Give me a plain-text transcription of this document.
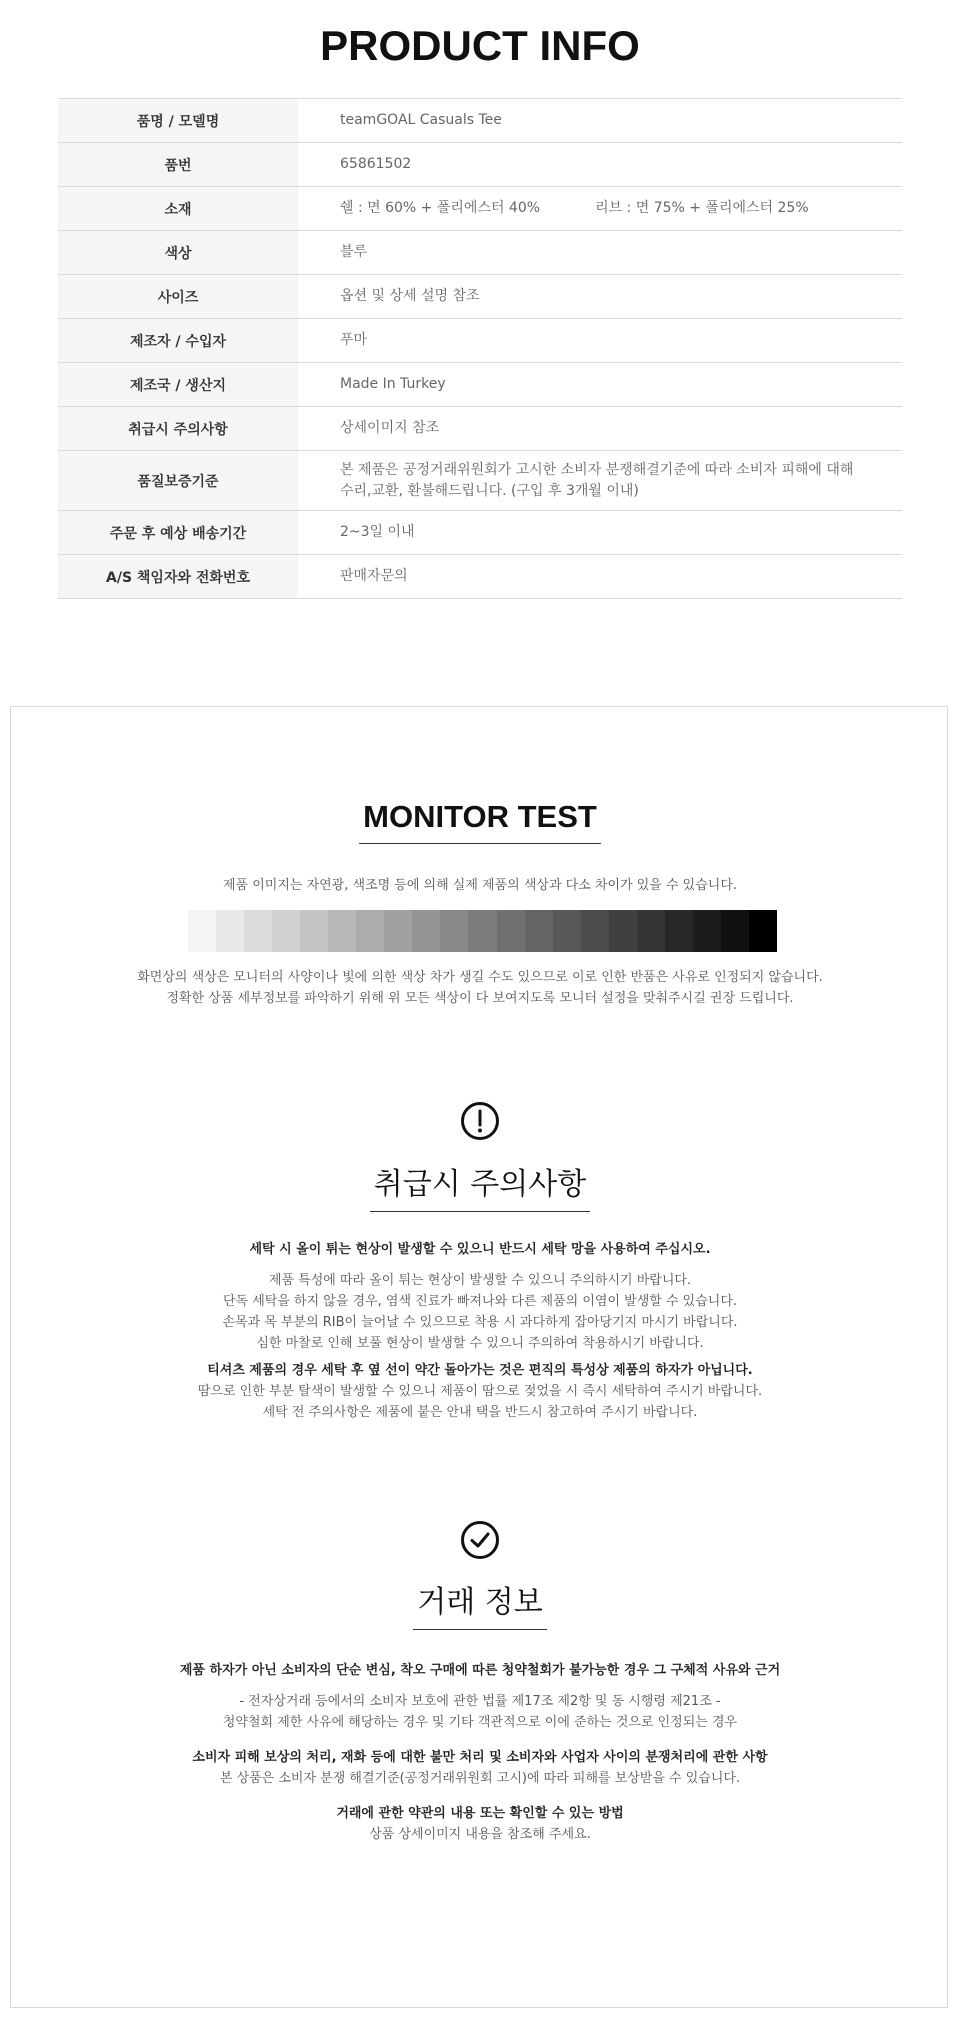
PRODUCT INFO
품명 / 모델명	teamGOAL Casuals Tee
품번	65861502
소재	쉘 : 면 60% + 폴리에스터 40% 리브 : 면 75% + 폴리에스터 25%
색상	블루
사이즈	옵션 및 상세 설명 참조
제조자 / 수입자	푸마
제조국 / 생산지	Made In Turkey
취급시 주의사항	상세이미지 참조
품질보증기준	본 제품은 공정거래위원회가 고시한 소비자 분쟁해결기준에 따라 소비자 피해에 대해
수리,교환, 환불해드립니다. (구입 후 3개월 이내)

주문 후 예상 배송기간	2~3일 이내
A/S 책임자와 전화번호	판매자문의
MONITOR TEST
제품 이미지는 자연광, 색조명 등에 의해 실제 제품의 색상과 다소 차이가 있을 수 있습니다.
화면상의 색상은 모니터의 사양이나 빛에 의한 색상 차가 생길 수도 있으므로 이로 인한 반품은 사유로 인정되지 않습니다.
정확한 상품 세부정보를 파악하기 위해 위 모든 색상이 다 보여지도록 모니터 설정을 맞춰주시길 권장 드립니다.
취급시 주의사항
세탁 시 올이 튀는 현상이 발생할 수 있으니 반드시 세탁 망을 사용하여 주십시오.
제품 특성에 따라 올이 튀는 현상이 발생할 수 있으니 주의하시기 바랍니다.
단독 세탁을 하지 않을 경우, 염색 진료가 빠져나와 다른 제품의 이염이 발생할 수 있습니다.
손목과 목 부분의 RIB이 늘어날 수 있으므로 착용 시 과다하게 잡아당기지 마시기 바랍니다.
심한 마찰로 인해 보풀 현상이 발생할 수 있으니 주의하여 착용하시기 바랍니다.
티셔츠 제품의 경우 세탁 후 옆 선이 약간 돌아가는 것은 편직의 특성상 제품의 하자가 아닙니다.
땀으로 인한 부분 탈색이 발생할 수 있으니 제품이 땀으로 젖었을 시 즉시 세탁하여 주시기 바랍니다.
세탁 전 주의사항은 제품에 붙은 안내 택을 반드시 참고하여 주시기 바랍니다.
거래 정보
제품 하자가 아닌 소비자의 단순 변심, 착오 구매에 따른 청약철회가 불가능한 경우 그 구체적 사유와 근거
- 전자상거래 등에서의 소비자 보호에 관한 법률 제17조 제2항 및 동 시행령 제21조 -
청약철회 제한 사유에 해당하는 경우 및 기타 객관적으로 이에 준하는 것으로 인정되는 경우
소비자 피해 보상의 처리, 재화 등에 대한 불만 처리 및 소비자와 사업자 사이의 분쟁처리에 관한 사항
본 상품은 소비자 분쟁 해결기준(공정거래위원회 고시)에 따라 피해를 보상받을 수 있습니다.
거래에 관한 약관의 내용 또는 확인할 수 있는 방법
상품 상세이미지 내용을 참조해 주세요.
